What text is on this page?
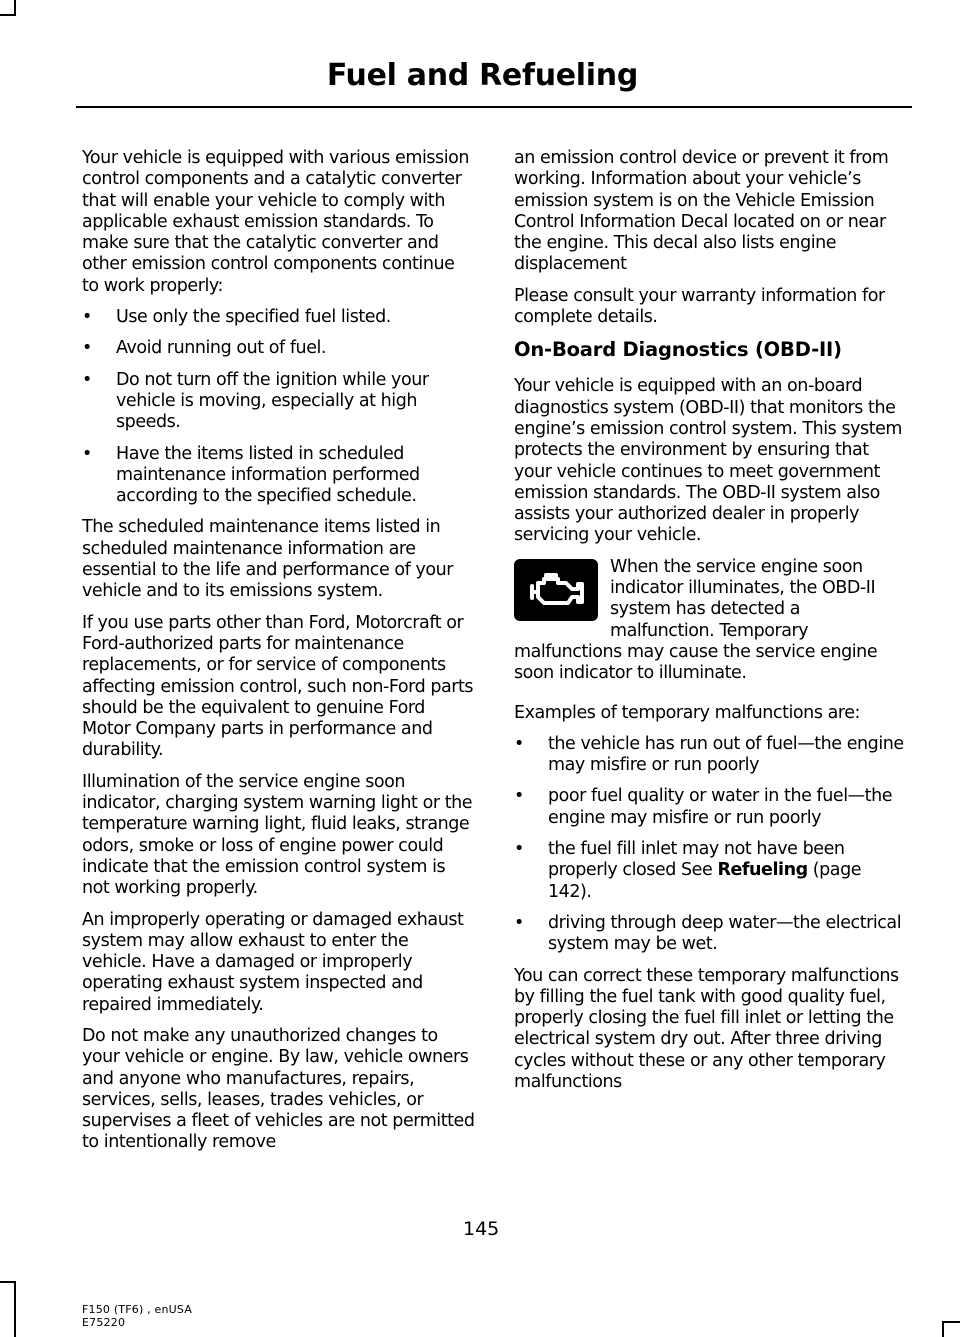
Fuel and Refueling

Your vehicle is equipped with various emission control components and a catalytic converter that will enable your vehicle to comply with applicable exhaust emission standards. To make sure that the catalytic converter and other emission control components continue to work properly:

• Use only the specified fuel listed.
• Avoid running out of fuel.
• Do not turn off the ignition while your vehicle is moving, especially at high speeds.
• Have the items listed in scheduled maintenance information performed according to the specified schedule.

The scheduled maintenance items listed in scheduled maintenance information are essential to the life and performance of your vehicle and to its emissions system.

If you use parts other than Ford, Motorcraft or Ford-authorized parts for maintenance replacements, or for service of components affecting emission control, such non-Ford parts should be the equivalent to genuine Ford Motor Company parts in performance and durability.

Illumination of the service engine soon indicator, charging system warning light or the temperature warning light, fluid leaks, strange odors, smoke or loss of engine power could indicate that the emission control system is not working properly.

An improperly operating or damaged exhaust system may allow exhaust to enter the vehicle. Have a damaged or improperly operating exhaust system inspected and repaired immediately.

Do not make any unauthorized changes to your vehicle or engine. By law, vehicle owners and anyone who manufactures, repairs, services, sells, leases, trades vehicles, or supervises a fleet of vehicles are not permitted to intentionally remove

an emission control device or prevent it from working. Information about your vehicle’s emission system is on the Vehicle Emission Control Information Decal located on or near the engine. This decal also lists engine displacement

Please consult your warranty information for complete details.

On-Board Diagnostics (OBD-II)

Your vehicle is equipped with an on-board diagnostics system (OBD-II) that monitors the engine’s emission control system. This system protects the environment by ensuring that your vehicle continues to meet government emission standards. The OBD-II system also assists your authorized dealer in properly servicing your vehicle.

When the service engine soon indicator illuminates, the OBD-II system has detected a malfunction. Temporary malfunctions may cause the service engine soon indicator to illuminate.

Examples of temporary malfunctions are:

• the vehicle has run out of fuel—the engine may misfire or run poorly
• poor fuel quality or water in the fuel—the engine may misfire or run poorly
• the fuel fill inlet may not have been properly closed See Refueling (page 142).
• driving through deep water—the electrical system may be wet.

You can correct these temporary malfunctions by filling the fuel tank with good quality fuel, properly closing the fuel fill inlet or letting the electrical system dry out. After three driving cycles without these or any other temporary malfunctions

145
F150 (TF6) , enUSA
E75220
